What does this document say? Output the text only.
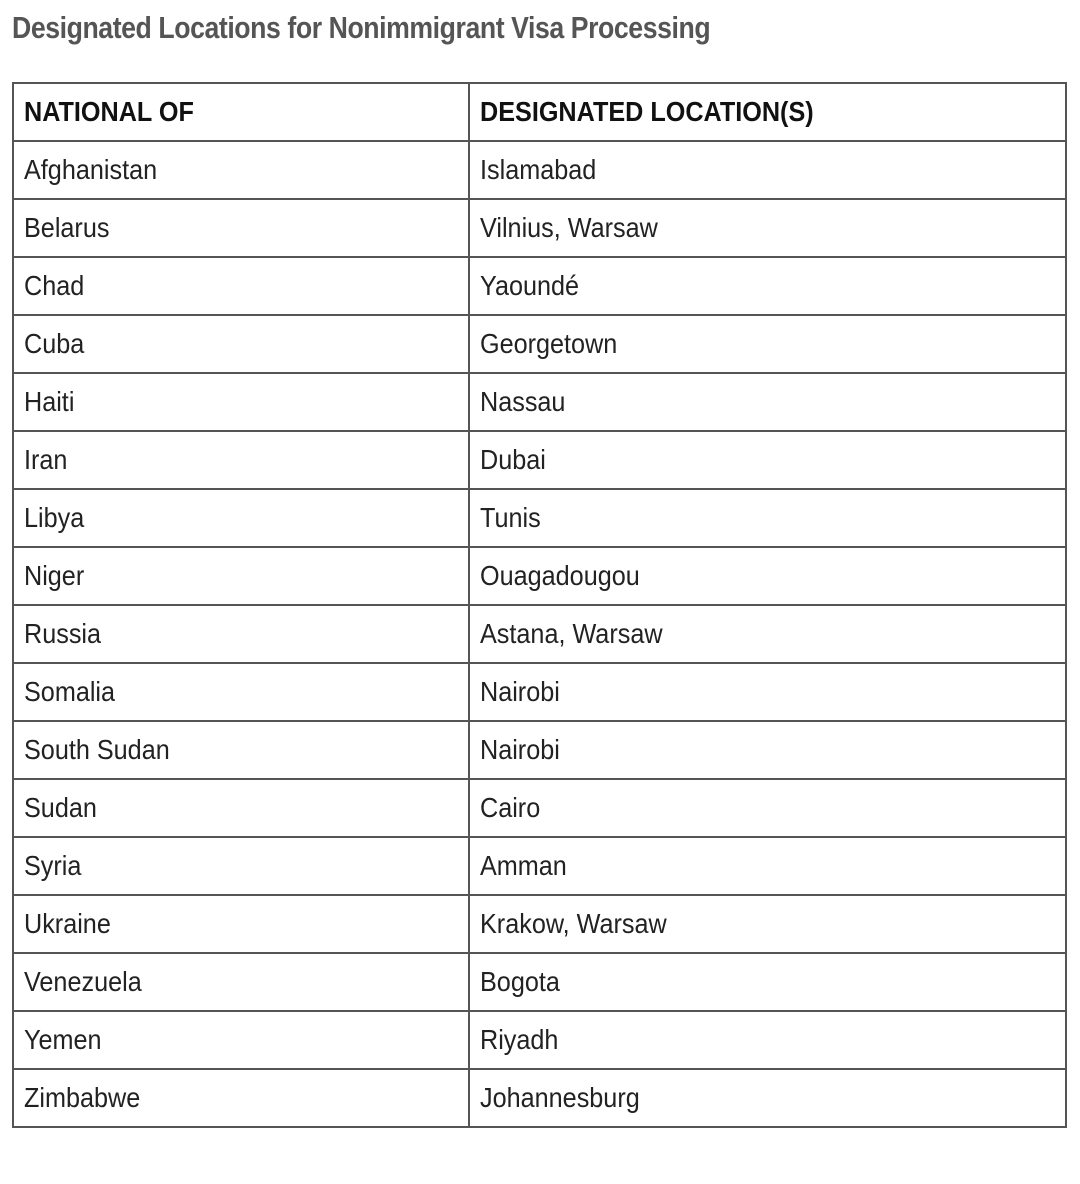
Designated Locations for Nonimmigrant Visa Processing
NATIONAL OF	DESIGNATED LOCATION(S)
Afghanistan	Islamabad
Belarus	Vilnius, Warsaw
Chad	Yaoundé
Cuba	Georgetown
Haiti	Nassau
Iran	Dubai
Libya	Tunis
Niger	Ouagadougou
Russia	Astana, Warsaw
Somalia	Nairobi
South Sudan	Nairobi
Sudan	Cairo
Syria	Amman
Ukraine	Krakow, Warsaw
Venezuela	Bogota
Yemen	Riyadh
Zimbabwe	Johannesburg
